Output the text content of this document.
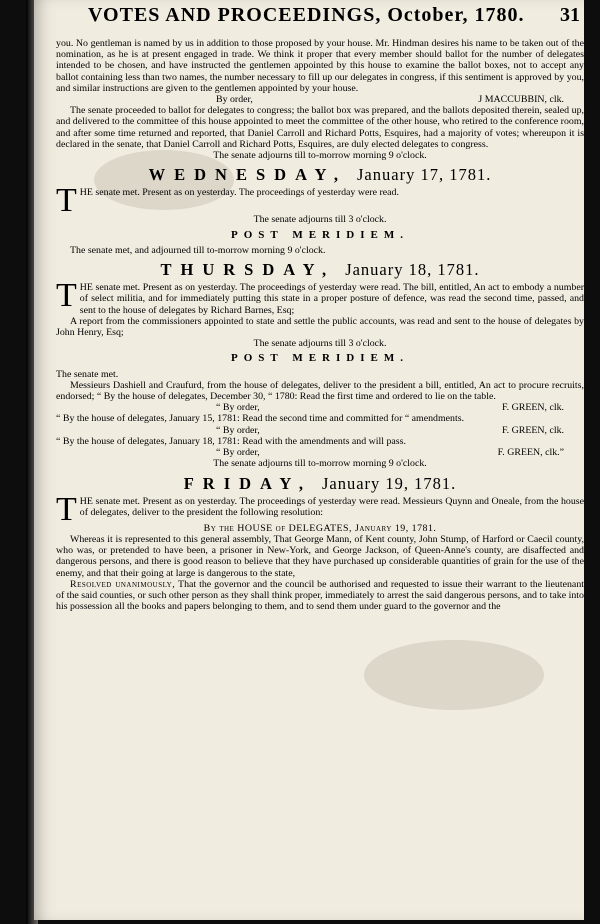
VOTES AND PROCEEDINGS, October, 1780. 31

you. No gentleman is named by us in addition to those proposed by your house. Mr. Hindman desires his name to be taken out of the nomination, as he is at present engaged in trade. We think it proper that every member should ballot for the number of delegates intended to be chosen, and have instructed the gentlemen appointed by this house to examine the ballot boxes, not to accept any ballot containing less than two names, the number necessary to fill up our delegates in congress, if this sentiment is approved by you, and similar instructions are given to the gentlemen appointed by your house.

By order,	J MACCUBBIN, clk.

The senate proceeded to ballot for delegates to congress; the ballot box was prepared, and the ballots deposited therein, sealed up, and delivered to the committee of this house appointed to meet the committee of the other house, who retired to the conference room, and after some time returned and reported, that Daniel Carroll and Richard Potts, Esquires, had a majority of votes; whereupon it is declared in the senate, that Daniel Carroll and Richard Potts, Esquires, are duly elected delegates to congress.

The senate adjourns till to-morrow morning 9 o'clock.

WEDNESDAY, January 17, 1781.

THE senate met. Present as on yesterday. The proceedings of yesterday were read.

The senate adjourns till 3 o'clock.

POST MERIDIEM.

The senate met, and adjourned till to-morrow morning 9 o'clock.

THURSDAY, January 18, 1781.

THE senate met. Present as on yesterday. The proceedings of yesterday were read. The bill, entitled, An act to embody a number of select militia, and for immediately putting this state in a proper posture of defence, was read the second time, passed, and sent to the house of delegates by Richard Barnes, Esq;

A report from the commissioners appointed to state and settle the public accounts, was read and sent to the house of delegates by John Henry, Esq;

The senate adjourns till 3 o'clock.

POST MERIDIEM.

The senate met.

Messieurs Dashiell and Craufurd, from the house of delegates, deliver to the president a bill, entitled, An act to procure recruits, endorsed; “ By the house of delegates, December 30, “ 1780: Read the first time and ordered to lie on the table.

“ By order,	F. GREEN, clk.

“ By the house of delegates, January 15, 1781: Read the second time and committed for “ amendments.

“ By order,	F. GREEN, clk.

“ By the house of delegates, January 18, 1781: Read with the amendments and will pass.

“ By order,	F. GREEN, clk.”

The senate adjourns till to-morrow morning 9 o'clock.

FRIDAY, January 19, 1781.

THE senate met. Present as on yesterday. The proceedings of yesterday were read. Messieurs Quynn and Oneale, from the house of delegates, deliver to the president the following resolution:

By the HOUSE of DELEGATES, January 19, 1781.

Whereas it is represented to this general assembly, That George Mann, of Kent county, John Stump, of Harford or Caecil county, who was, or pretended to have been, a prisoner in New-York, and George Jackson, of Queen-Anne's county, are disaffected and dangerous persons, and there is good reason to believe that they have purchased up considerable quantities of grain for the use of the enemy, and that their going at large is dangerous to the state,

Resolved unanimously, That the governor and the council be authorised and requested to issue their warrant to the lieutenant of the said counties, or such other person as they shall think proper, immediately to arrest the said dangerous persons, and to take into his possession all the books and papers belonging to them, and to send them under guard to the governor and the
